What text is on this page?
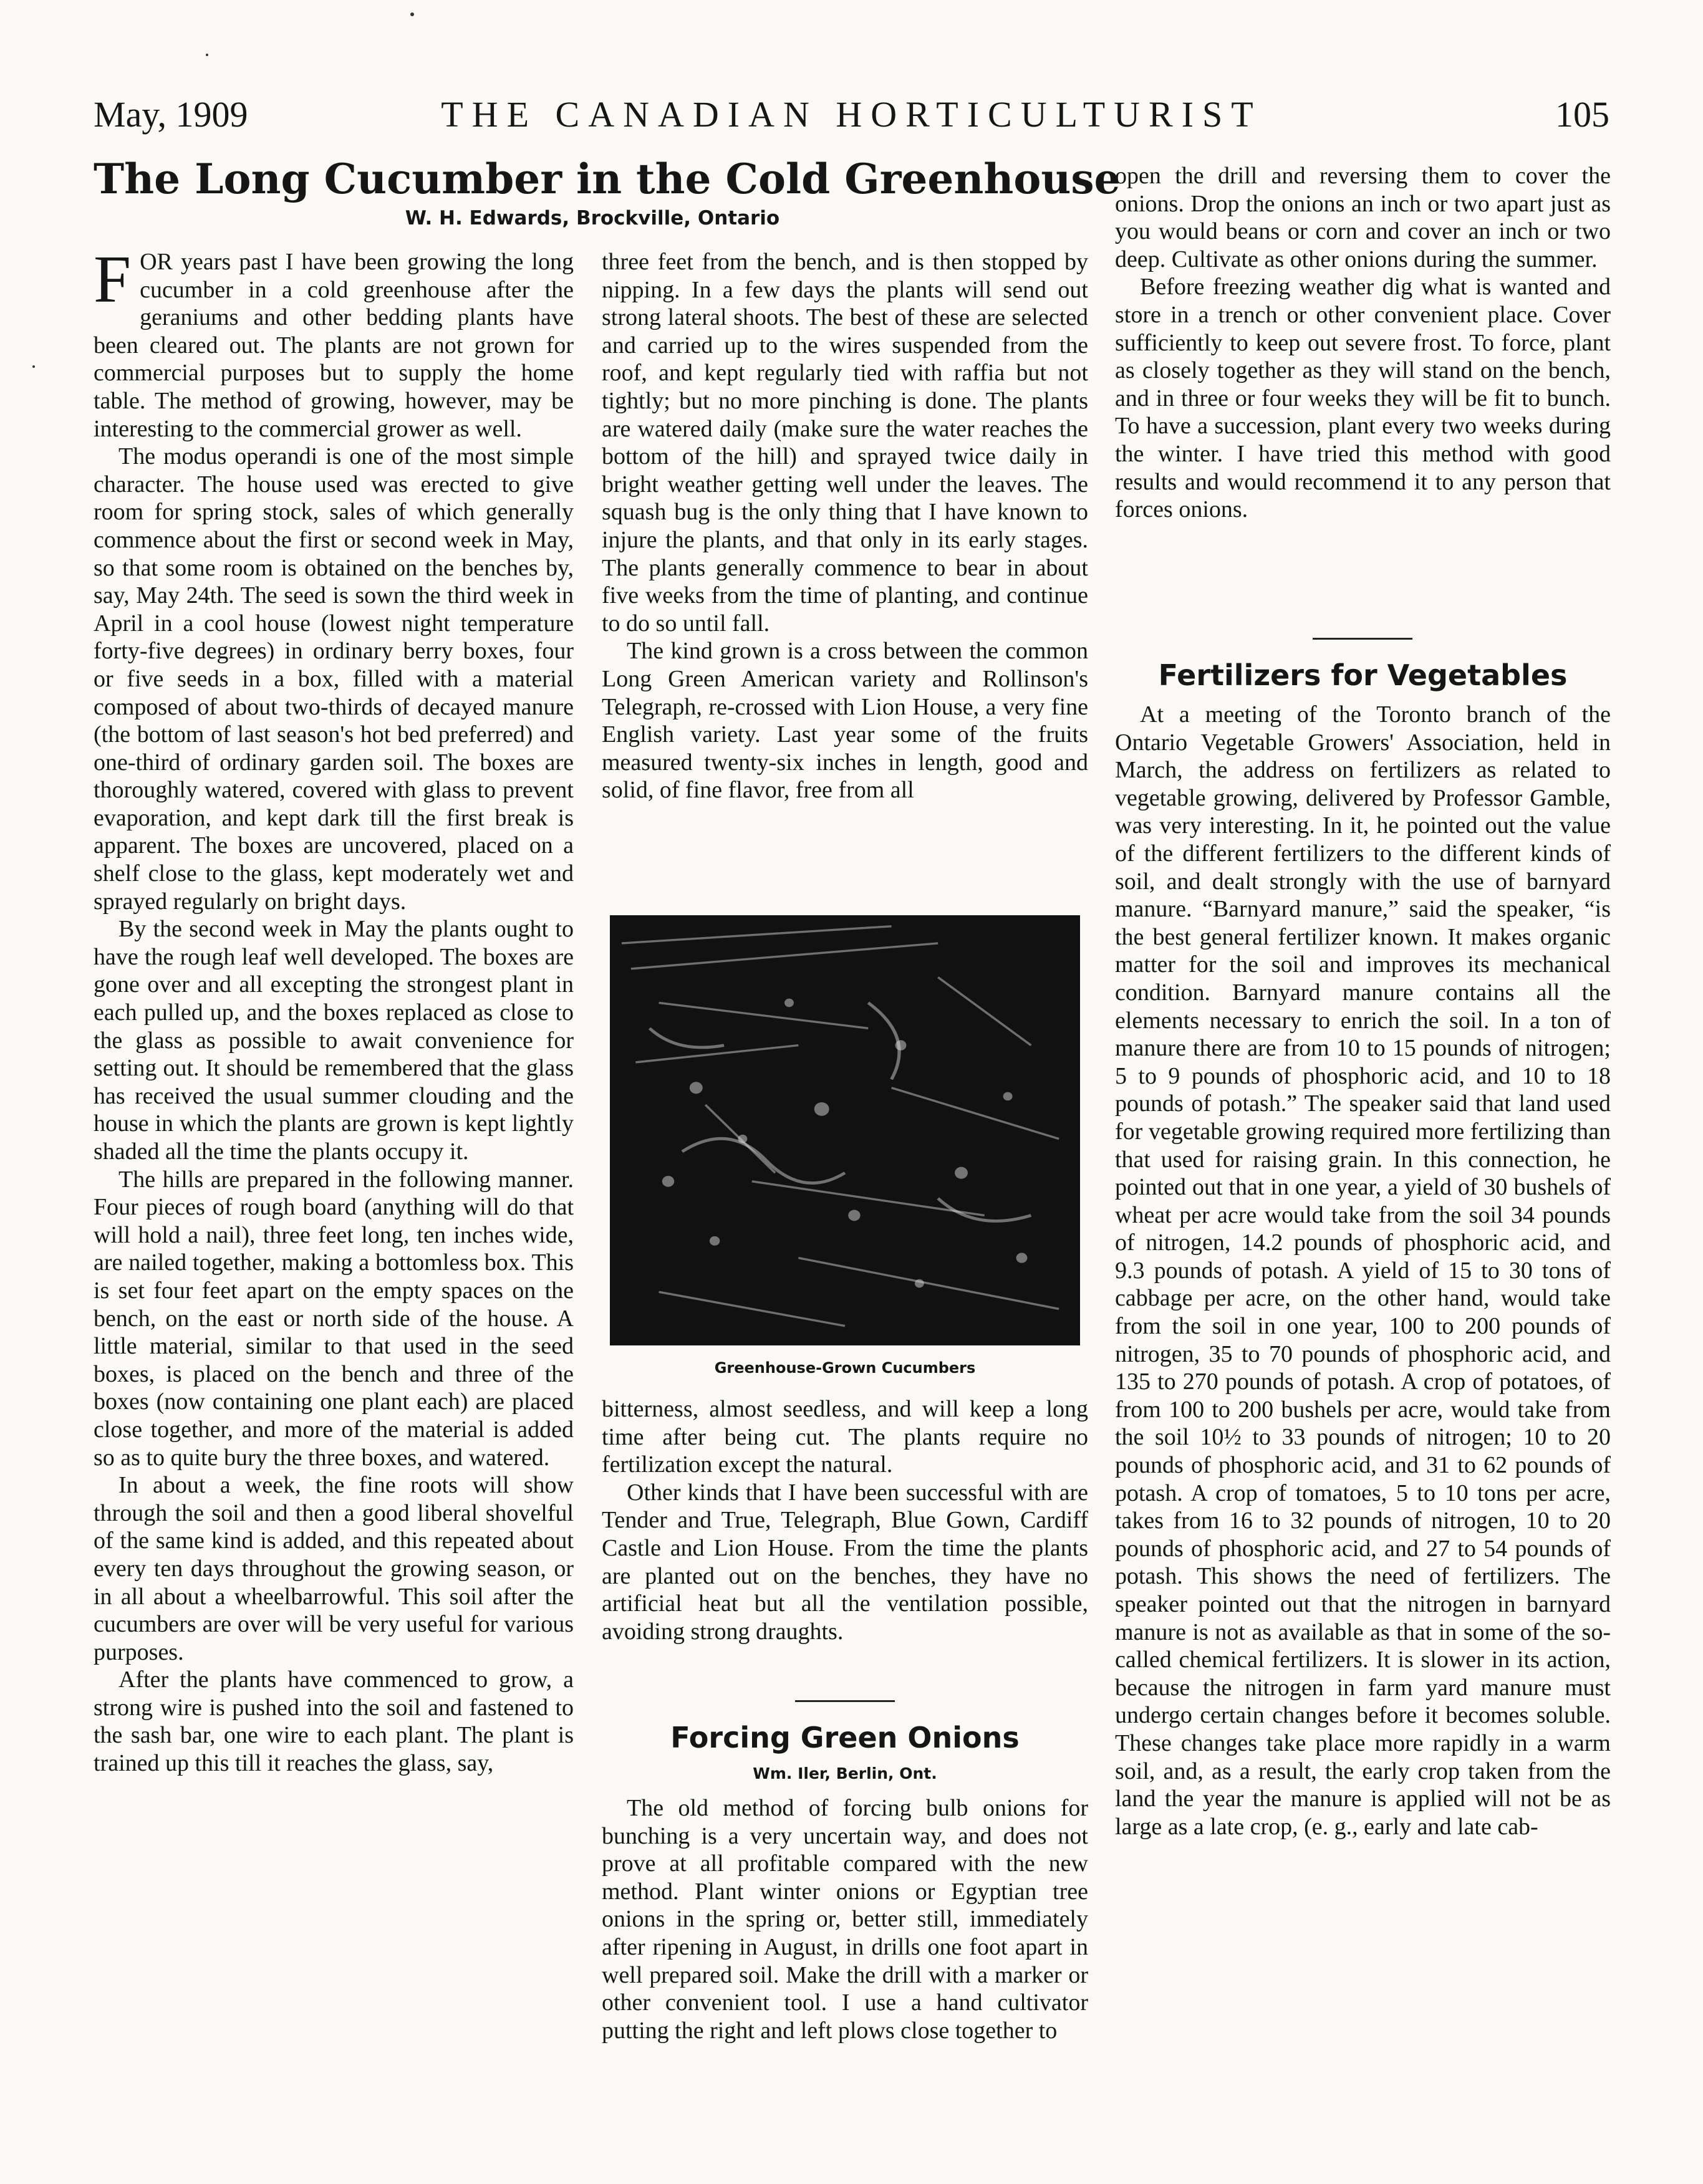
May, 1909	THE CANADIAN HORTICULTURIST	105
The Long Cucumber in the Cold Greenhouse
W. H. Edwards, Brockville, Ontario

FOR years past I have been growing the long cucumber in a cold greenhouse after the geraniums and other bedding plants have been cleared out. The plants are not grown for commercial purposes but to supply the home table. The method of growing, however, may be interesting to the commercial grower as well.

The modus operandi is one of the most simple character. The house used was erected to give room for spring stock, sales of which generally commence about the first or second week in May, so that some room is obtained on the benches by, say, May 24th. The seed is sown the third week in April in a cool house (lowest night temperature forty-five degrees) in ordinary berry boxes, four or five seeds in a box, filled with a material composed of about two-thirds of decayed manure (the bottom of last season's hot bed preferred) and one-third of ordinary garden soil. The boxes are thoroughly watered, covered with glass to prevent evaporation, and kept dark till the first break is apparent. The boxes are uncovered, placed on a shelf close to the glass, kept moderately wet and sprayed regularly on bright days.

By the second week in May the plants ought to have the rough leaf well developed. The boxes are gone over and all excepting the strongest plant in each pulled up, and the boxes replaced as close to the glass as possible to await convenience for setting out. It should be remembered that the glass has received the usual summer clouding and the house in which the plants are grown is kept lightly shaded all the time the plants occupy it.

The hills are prepared in the following manner. Four pieces of rough board (anything will do that will hold a nail), three feet long, ten inches wide, are nailed together, making a bottomless box. This is set four feet apart on the empty spaces on the bench, on the east or north side of the house. A little material, similar to that used in the seed boxes, is placed on the bench and three of the boxes (now containing one plant each) are placed close together, and more of the material is added so as to quite bury the three boxes, and watered.

In about a week, the fine roots will show through the soil and then a good liberal shovelful of the same kind is added, and this repeated about every ten days throughout the growing season, or in all about a wheelbarrowful. This soil after the cucumbers are over will be very useful for various purposes.

After the plants have commenced to grow, a strong wire is pushed into the soil and fastened to the sash bar, one wire to each plant. The plant is trained up this till it reaches the glass, say,

three feet from the bench, and is then stopped by nipping. In a few days the plants will send out strong lateral shoots. The best of these are selected and carried up to the wires suspended from the roof, and kept regularly tied with raffia but not tightly; but no more pinching is done. The plants are watered daily (make sure the water reaches the bottom of the hill) and sprayed twice daily in bright weather getting well under the leaves. The squash bug is the only thing that I have known to injure the plants, and that only in its early stages. The plants generally commence to bear in about five weeks from the time of planting, and continue to do so until fall.

The kind grown is a cross between the common Long Green American variety and Rollinson's Telegraph, re-crossed with Lion House, a very fine English variety. Last year some of the fruits measured twenty-six inches in length, good and solid, of fine flavor, free from all

Greenhouse-Grown Cucumbers

bitterness, almost seedless, and will keep a long time after being cut. The plants require no fertilization except the natural.

Other kinds that I have been successful with are Tender and True, Telegraph, Blue Gown, Cardiff Castle and Lion House. From the time the plants are planted out on the benches, they have no artificial heat but all the ventilation possible, avoiding strong draughts.

Forcing Green Onions
Wm. Iler, Berlin, Ont.

The old method of forcing bulb onions for bunching is a very uncertain way, and does not prove at all profitable compared with the new method. Plant winter onions or Egyptian tree onions in the spring or, better still, immediately after ripening in August, in drills one foot apart in well prepared soil. Make the drill with a marker or other convenient tool. I use a hand cultivator putting the right and left plows close together to

open the drill and reversing them to cover the onions. Drop the onions an inch or two apart just as you would beans or corn and cover an inch or two deep. Cultivate as other onions during the summer.

Before freezing weather dig what is wanted and store in a trench or other convenient place. Cover sufficiently to keep out severe frost. To force, plant as closely together as they will stand on the bench, and in three or four weeks they will be fit to bunch. To have a succession, plant every two weeks during the winter. I have tried this method with good results and would recommend it to any person that forces onions.

Fertilizers for Vegetables

At a meeting of the Toronto branch of the Ontario Vegetable Growers' Association, held in March, the address on fertilizers as related to vegetable growing, delivered by Professor Gamble, was very interesting. In it, he pointed out the value of the different fertilizers to the different kinds of soil, and dealt strongly with the use of barnyard manure. “Barnyard manure,” said the speaker, “is the best general fertilizer known. It makes organic matter for the soil and improves its mechanical condition. Barnyard manure contains all the elements necessary to enrich the soil. In a ton of manure there are from 10 to 15 pounds of nitrogen; 5 to 9 pounds of phosphoric acid, and 10 to 18 pounds of potash.” The speaker said that land used for vegetable growing required more fertilizing than that used for raising grain. In this connection, he pointed out that in one year, a yield of 30 bushels of wheat per acre would take from the soil 34 pounds of nitrogen, 14.2 pounds of phosphoric acid, and 9.3 pounds of potash. A yield of 15 to 30 tons of cabbage per acre, on the other hand, would take from the soil in one year, 100 to 200 pounds of nitrogen, 35 to 70 pounds of phosphoric acid, and 135 to 270 pounds of potash. A crop of potatoes, of from 100 to 200 bushels per acre, would take from the soil 10½ to 33 pounds of nitrogen; 10 to 20 pounds of phosphoric acid, and 31 to 62 pounds of potash. A crop of tomatoes, 5 to 10 tons per acre, takes from 16 to 32 pounds of nitrogen, 10 to 20 pounds of phosphoric acid, and 27 to 54 pounds of potash. This shows the need of fertilizers. The speaker pointed out that the nitrogen in barnyard manure is not as available as that in some of the so-called chemical fertilizers. It is slower in its action, because the nitrogen in farm yard manure must undergo certain changes before it becomes soluble. These changes take place more rapidly in a warm soil, and, as a result, the early crop taken from the land the year the manure is applied will not be as large as a late crop, (e. g., early and late cab-
